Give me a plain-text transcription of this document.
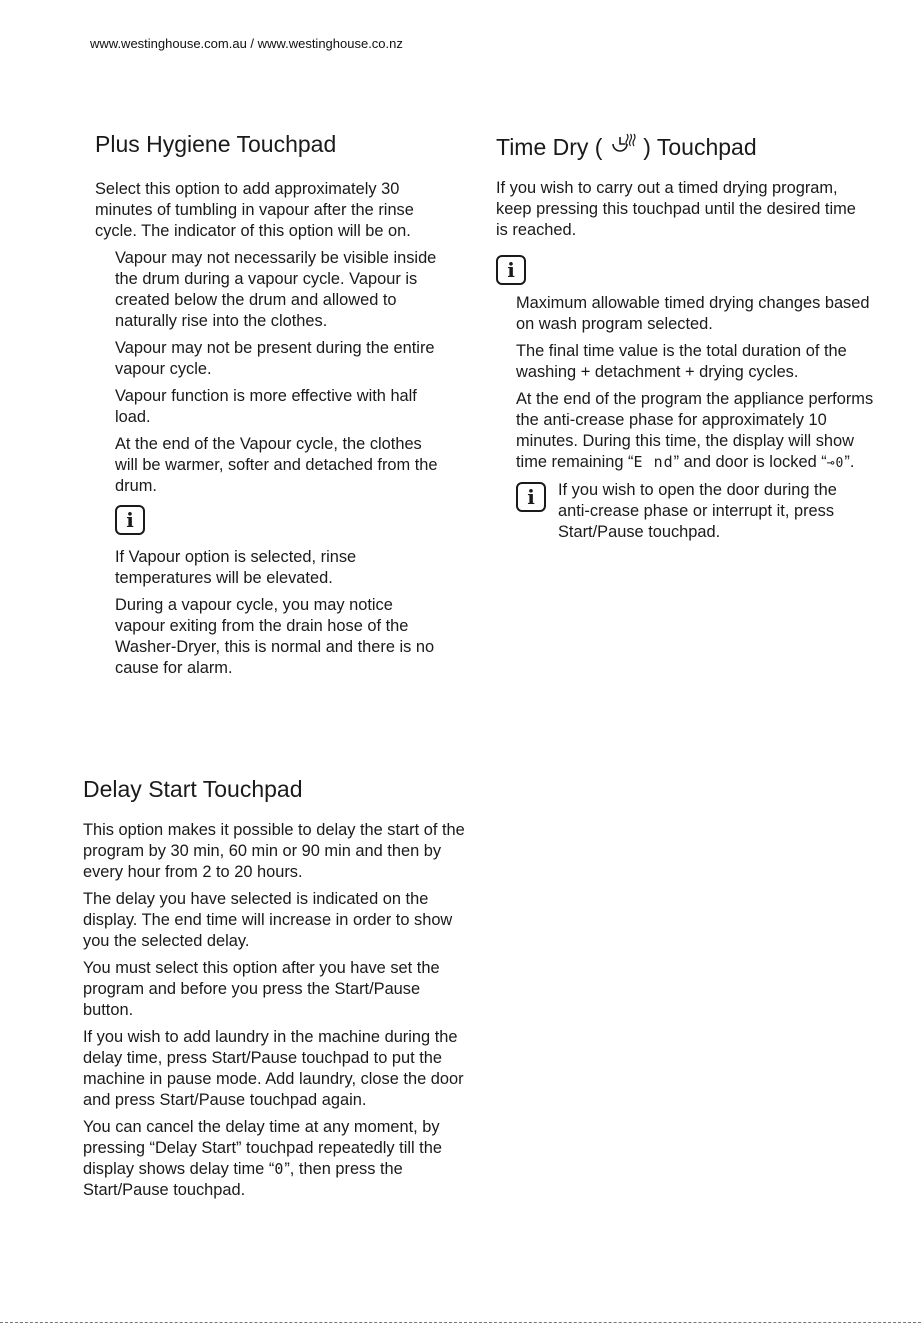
www.westinghouse.com.au / www.westinghouse.co.nz
Plus Hygiene Touchpad

Select this option to add approximately 30 minutes of tumbling in vapour after the rinse cycle. The indicator of this option will be on.

Vapour may not necessarily be visible inside the drum during a vapour cycle. Vapour is created below the drum and allowed to naturally rise into the clothes.

Vapour may not be present during the entire vapour cycle.

Vapour function is more effective with half load.

At the end of the Vapour cycle, the clothes will be warmer, softer and detached from the drum.

i

If Vapour option is selected, rinse temperatures will be elevated.

During a vapour cycle, you may notice vapour exiting from the drain hose of the Washer-Dryer, this is normal and there is no cause for alarm.

Time Dry ( ) Touchpad

If you wish to carry out a timed drying program, keep pressing this touchpad until the desired time is reached.

i

Maximum allowable timed drying changes based on wash program selected.

The final time value is the total duration of the washing + detachment + drying cycles.

At the end of the program the appliance performs the anti-crease phase for approximately 10 minutes. During this time, the display will show time remaining “E nd” and door is locked “⊸0”.

i	If you wish to open the door during the anti-crease phase or interrupt it, press Start/Pause touchpad.

Delay Start Touchpad

This option makes it possible to delay the start of the program by 30 min, 60 min or 90 min and then by every hour from 2 to 20 hours.

The delay you have selected is indicated on the display. The end time will increase in order to show you the selected delay.

You must select this option after you have set the program and before you press the Start/Pause button.

If you wish to add laundry in the machine during the delay time, press Start/Pause touchpad to put the machine in pause mode. Add laundry, close the door and press Start/Pause touchpad again.

You can cancel the delay time at any moment, by pressing “Delay Start” touchpad repeatedly till the display shows delay time “0”, then press the Start/Pause touchpad.
